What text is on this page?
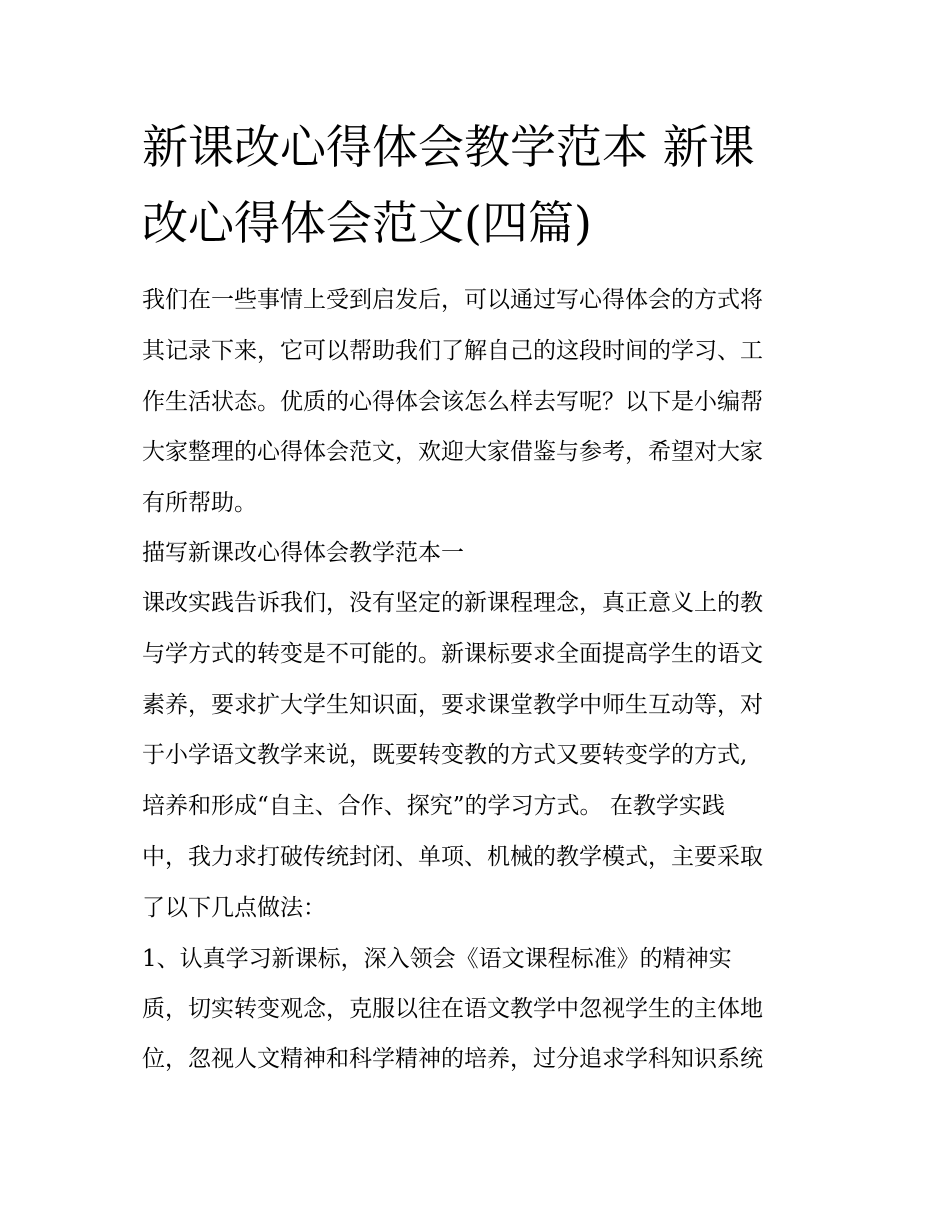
新课改心得体会教学范本 新课
改心得体会范文(四篇)
我们在一些事情上受到启发后，可以通过写心得体会的方式将
其记录下来，它可以帮助我们了解自己的这段时间的学习、工
作生活状态。优质的心得体会该怎么样去写呢？以下是小编帮
大家整理的心得体会范文，欢迎大家借鉴与参考，希望对大家
有所帮助。
描写新课改心得体会教学范本一
课改实践告诉我们，没有坚定的新课程理念，真正意义上的教
与学方式的转变是不可能的。新课标要求全面提高学生的语文
素养，要求扩大学生知识面，要求课堂教学中师生互动等，对
于小学语文教学来说，既要转变教的方式又要转变学的方式,
培养和形成“自主、合作、探究”的学习方式。 在教学实践
中，我力求打破传统封闭、单项、机械的教学模式，主要采取
了以下几点做法：
1、认真学习新课标，深入领会《语文课程标准》的精神实
质，切实转变观念，克服以往在语文教学中忽视学生的主体地
位，忽视人文精神和科学精神的培养，过分追求学科知识系统
